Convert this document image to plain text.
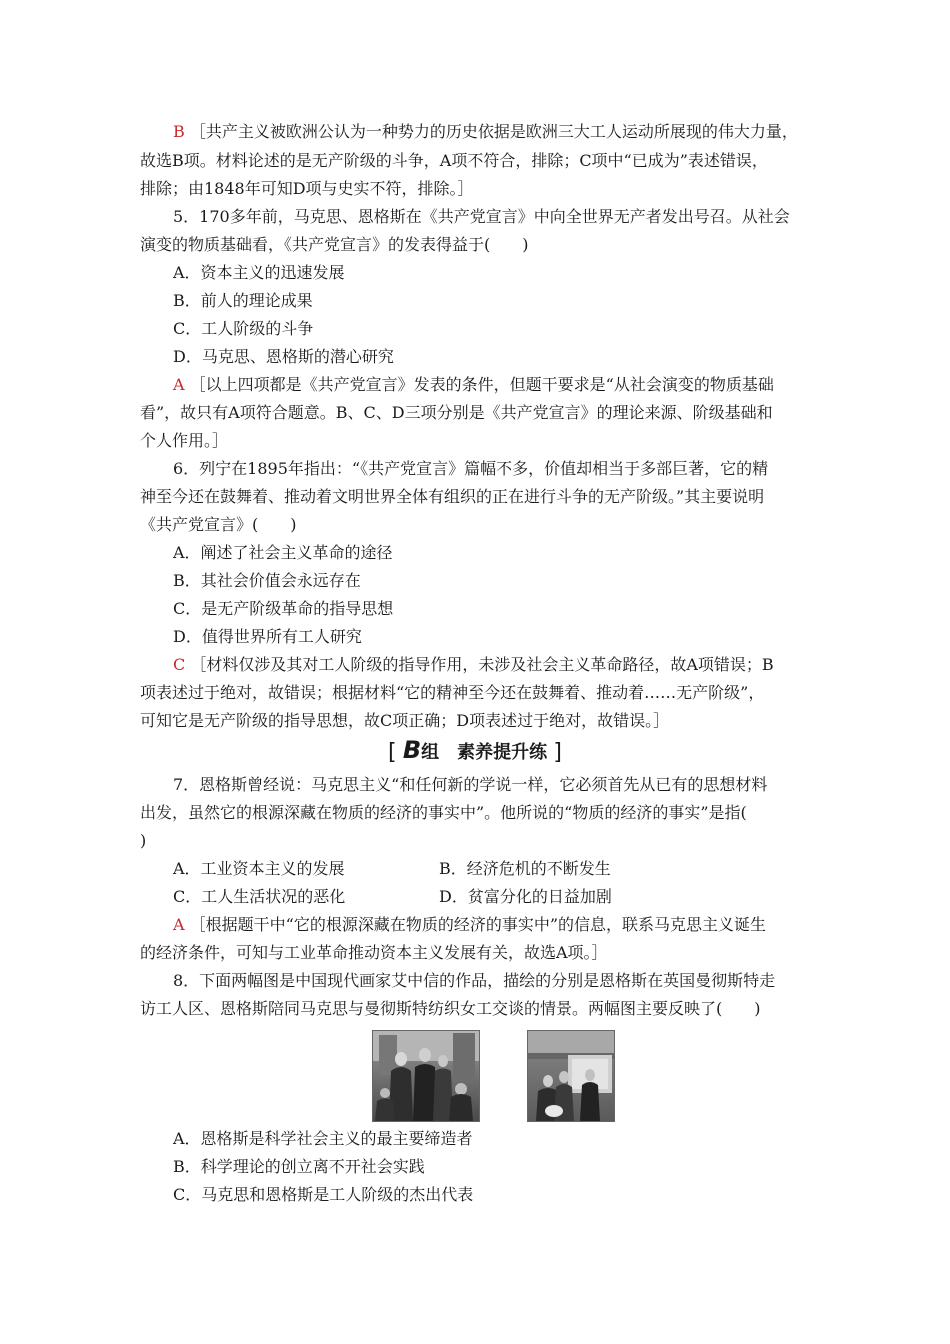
B ［共产主义被欧洲公认为一种势力的历史依据是欧洲三大工人运动所展现的伟大力量，
故选B项。材料论述的是无产阶级的斗争，A项不符合，排除；C项中“已成为”表述错误，
排除；由1848年可知D项与史实不符，排除。］
5．170多年前，马克思、恩格斯在《共产党宣言》中向全世界无产者发出号召。从社会
演变的物质基础看，《共产党宣言》的发表得益于(　　)
A．资本主义的迅速发展
B．前人的理论成果
C．工人阶级的斗争
D．马克思、恩格斯的潜心研究
A ［以上四项都是《共产党宣言》发表的条件，但题干要求是“从社会演变的物质基础
看”，故只有A项符合题意。B、C、D三项分别是《共产党宣言》的理论来源、阶级基础和
个人作用。］
6．列宁在1895年指出：“《共产党宣言》篇幅不多，价值却相当于多部巨著，它的精
神至今还在鼓舞着、推动着文明世界全体有组织的正在进行斗争的无产阶级。”其主要说明
《共产党宣言》(　　)
A．阐述了社会主义革命的途径
B．其社会价值会永远存在
C．是无产阶级革命的指导思想
D．值得世界所有工人研究
C ［材料仅涉及其对工人阶级的指导作用，未涉及社会主义革命路径，故A项错误；B
项表述过于绝对，故错误；根据材料“它的精神至今还在鼓舞着、推动着……无产阶级”，
可知它是无产阶级的指导思想，故C项正确；D项表述过于绝对，故错误。］
[ B组　素养提升练 ]
7．恩格斯曾经说：马克思主义“和任何新的学说一样，它必须首先从已有的思想材料
出发，虽然它的根源深藏在物质的经济的事实中”。他所说的“物质的经济的事实”是指(
)
A．工业资本主义的发展	B．经济危机的不断发生
C．工人生活状况的恶化	D．贫富分化的日益加剧
A ［根据题干中“它的根源深藏在物质的经济的事实中”的信息，联系马克思主义诞生
的经济条件，可知与工业革命推动资本主义发展有关，故选A项。］
8．下面两幅图是中国现代画家艾中信的作品，描绘的分别是恩格斯在英国曼彻斯特走
访工人区、恩格斯陪同马克思与曼彻斯特纺织女工交谈的情景。两幅图主要反映了(　　)
A．恩格斯是科学社会主义的最主要缔造者
B．科学理论的创立离不开社会实践
C．马克思和恩格斯是工人阶级的杰出代表
